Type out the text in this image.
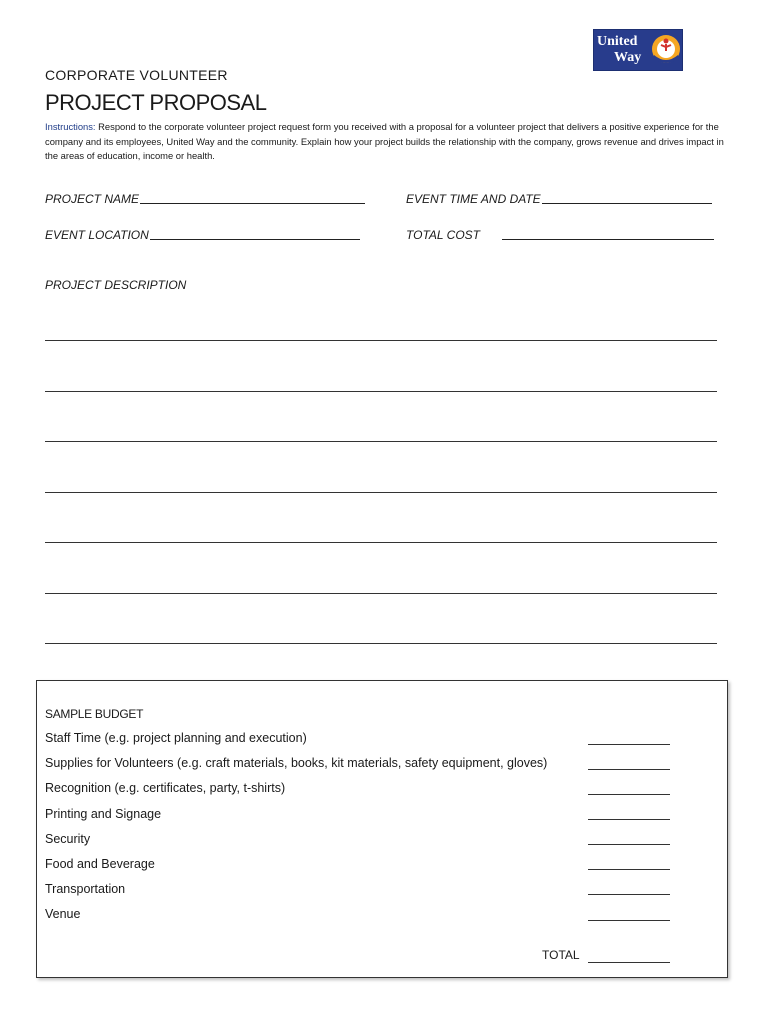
United
Way
CORPORATE VOLUNTEER
PROJECT PROPOSAL
Instructions: Respond to the corporate volunteer project request form you received with a proposal for a volunteer project that delivers a positive experience for the company and its employees, United Way and the community. Explain how your project builds the relationship with the company, grows revenue and drives impact in the areas of education, income or health.
PROJECT NAME	EVENT TIME AND DATE
EVENT LOCATION	TOTAL COST
PROJECT DESCRIPTION
SAMPLE BUDGET
Staff Time (e.g. project planning and execution)
Supplies for Volunteers (e.g. craft materials, books, kit materials, safety equipment, gloves)
Recognition (e.g. certificates, party, t-shirts)
Printing and Signage
Security
Food and Beverage
Transportation
Venue
TOTAL
